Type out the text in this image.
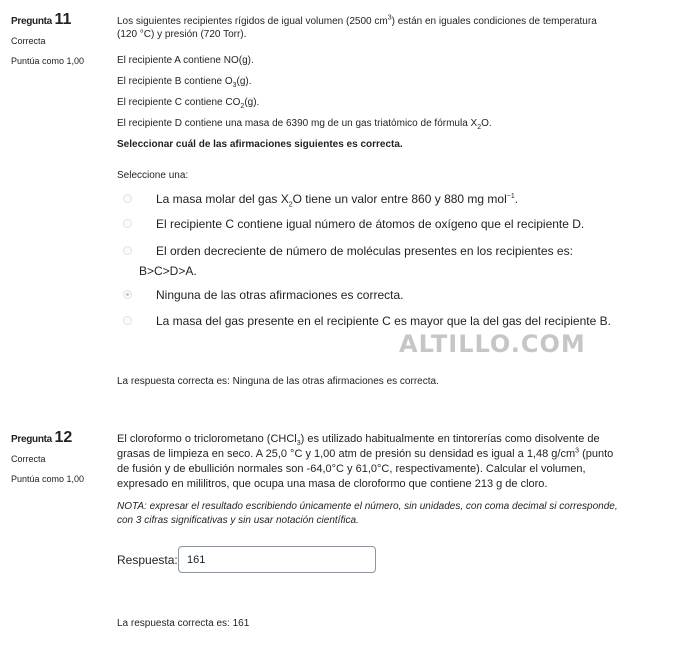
Pregunta 11
Correcta
Puntúa como 1,00

Los siguientes recipientes rígidos de igual volumen (2500 $cm^3$) están en iguales condiciones de temperatura

(120 °C) y presión (720 Torr).

El recipiente A contiene NO(g).

El recipiente B contiene $O_3(g)$.

El recipiente C contiene $CO_2(g)$.

El recipiente D contiene una masa de 6390 mg de un gas triatómico de fórmula $X_2O$.

Seleccionar cuál de las afirmaciones siguientes es correcta.

Seleccione una:

La masa molar del gas $X_2O$ tiene un valor entre 860 y 880 mg mol$^{-1}$.
El recipiente C contiene igual número de átomos de oxígeno que el recipiente D.
El orden decreciente de número de moléculas presentes en los recipientes es:
B>C>D>A.
Ninguna de las otras afirmaciones es correcta.
La masa del gas presente en el recipiente C es mayor que la del gas del recipiente B.

La respuesta correcta es: Ninguna de las otras afirmaciones es correcta.

ALTILLO.COM
Pregunta 12
Correcta
Puntúa como 1,00

El cloroformo o triclorometano (CHCl$_3$) es utilizado habitualmente en tintorerías como disolvente de

grasas de limpieza en seco. A 25,0 °C y 1,00 atm de presión su densidad es igual a 1,48 $g/cm^3$ (punto

de fusión y de ebullición normales son -64,0°C y 61,0°C, respectivamente). Calcular el volumen,

expresado en mililitros, que ocupa una masa de cloroformo que contiene 213 g de cloro.

NOTA: expresar el resultado escribiendo únicamente el número, sin unidades, con coma decimal si corresponde,

con 3 cifras significativas y sin usar notación científica.

Respuesta:
161

La respuesta correcta es: 161
